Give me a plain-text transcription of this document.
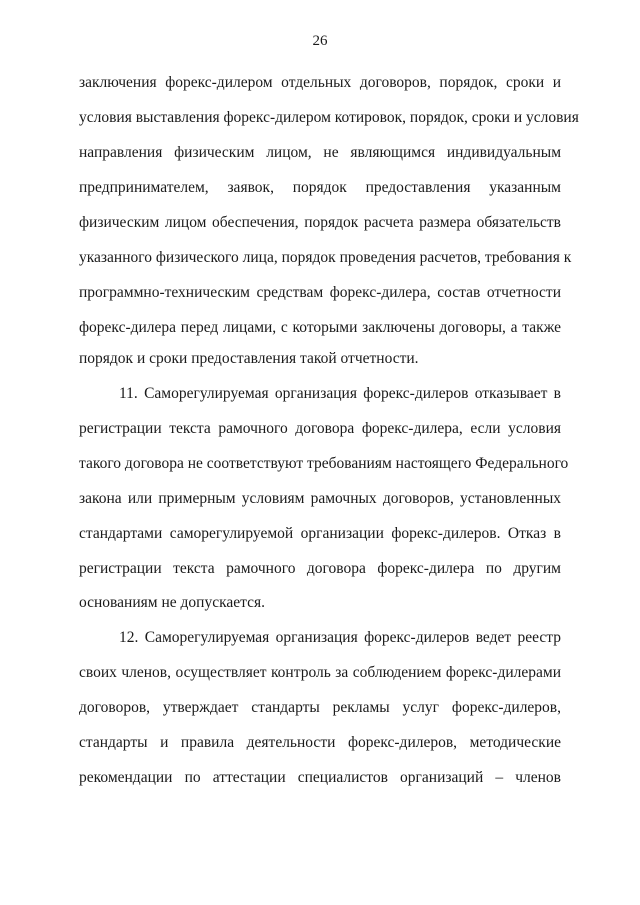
26
заключения форекс-дилером отдельных договоров, порядок, сроки и
условия выставления форекс-дилером котировок, порядок, сроки и условия
направления физическим лицом, не являющимся индивидуальным
предпринимателем, заявок, порядок предоставления указанным
физическим лицом обеспечения, порядок расчета размера обязательств
указанного физического лица, порядок проведения расчетов, требования к
программно-техническим средствам форекс-дилера, состав отчетности
форекс-дилера перед лицами, с которыми заключены договоры, а также
порядок и сроки предоставления такой отчетности.
11. Саморегулируемая организация форекс-дилеров отказывает в
регистрации текста рамочного договора форекс-дилера, если условия
такого договора не соответствуют требованиям настоящего Федерального
закона или примерным условиям рамочных договоров, установленных
стандартами саморегулируемой организации форекс-дилеров. Отказ в
регистрации текста рамочного договора форекс-дилера по другим
основаниям не допускается.
12. Саморегулируемая организация форекс-дилеров ведет реестр
своих членов, осуществляет контроль за соблюдением форекс-дилерами
договоров, утверждает стандарты рекламы услуг форекс-дилеров,
стандарты и правила деятельности форекс-дилеров, методические
рекомендации по аттестации специалистов организаций – членов
